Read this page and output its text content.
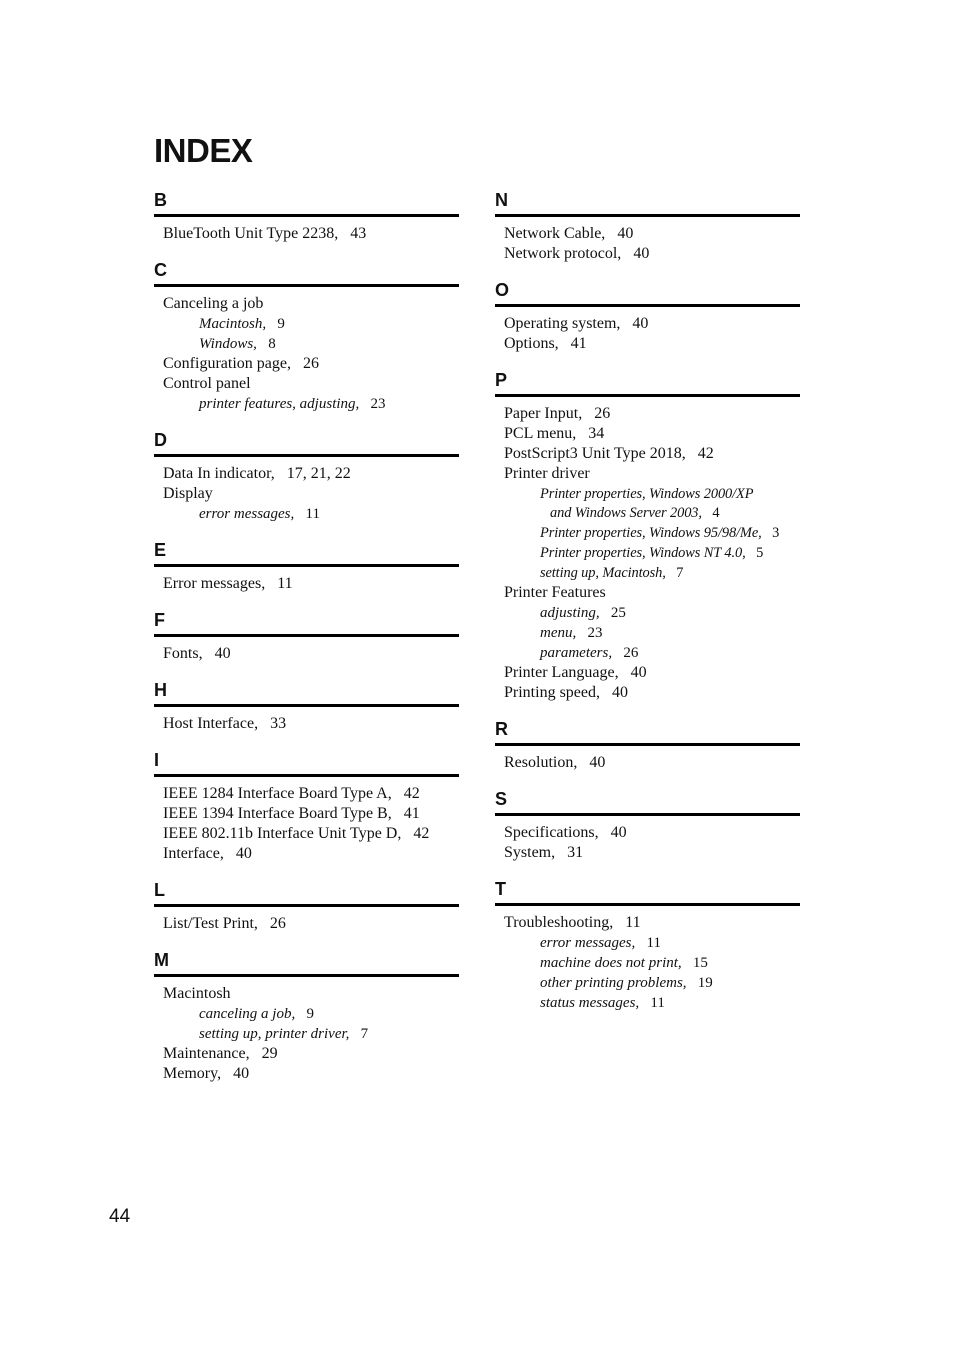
INDEX
B
BlueTooth Unit Type 2238, 43
C
Canceling a job
Macintosh, 9
Windows, 8
Configuration page, 26
Control panel
printer features, adjusting, 23
D
Data In indicator, 17, 21, 22
Display
error messages, 11
E
Error messages, 11
F
Fonts, 40
H
Host Interface, 33
I
IEEE 1284 Interface Board Type A, 42
IEEE 1394 Interface Board Type B, 41
IEEE 802.11b Interface Unit Type D, 42
Interface, 40
L
List/Test Print, 26
M
Macintosh
canceling a job, 9
setting up, printer driver, 7
Maintenance, 29
Memory, 40
N
Network Cable, 40
Network protocol, 40
O
Operating system, 40
Options, 41
P
Paper Input, 26
PCL menu, 34
PostScript3 Unit Type 2018, 42
Printer driver
Printer properties, Windows 2000/XP
and Windows Server 2003, 4
Printer properties, Windows 95/98/Me, 3
Printer properties, Windows NT 4.0, 5
setting up, Macintosh, 7
Printer Features
adjusting, 25
menu, 23
parameters, 26
Printer Language, 40
Printing speed, 40
R
Resolution, 40
S
Specifications, 40
System, 31
T
Troubleshooting, 11
error messages, 11
machine does not print, 15
other printing problems, 19
status messages, 11
44
